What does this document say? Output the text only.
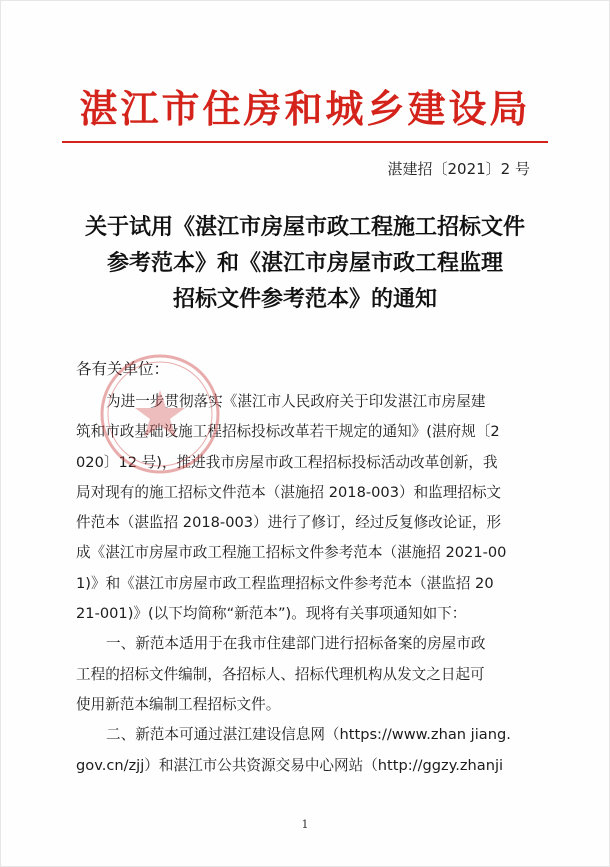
湛江市住房和城乡建设局
湛建招〔2021〕2 号
关于试用《湛江市房屋市政工程施工招标文件
参考范本》和《湛江市房屋市政工程监理
招标文件参考范本》的通知
各有关单位：
为进一步贯彻落实《湛江市人民政府关于印发湛江市房屋建
筑和市政基础设施工程招标投标改革若干规定的通知》(湛府规〔2
020〕12 号)，推进我市房屋市政工程招标投标活动改革创新，我
局对现有的施工招标文件范本（湛施招 2018-003）和监理招标文
件范本（湛监招 2018-003）进行了修订，经过反复修改论证，形
成《湛江市房屋市政工程施工招标文件参考范本（湛施招 2021-00
1)》和《湛江市房屋市政工程监理招标文件参考范本（湛监招 20
21-001)》(以下均简称“新范本”)。现将有关事项通知如下：
一、新范本适用于在我市住建部门进行招标备案的房屋市政
工程的招标文件编制，各招标人、招标代理机构从发文之日起可
使用新范本编制工程招标文件。
二、新范本可通过湛江建设信息网（https://www.zhan jiang.
gov.cn/zjj）和湛江市公共资源交易中心网站（http://ggzy.zhanji
1
